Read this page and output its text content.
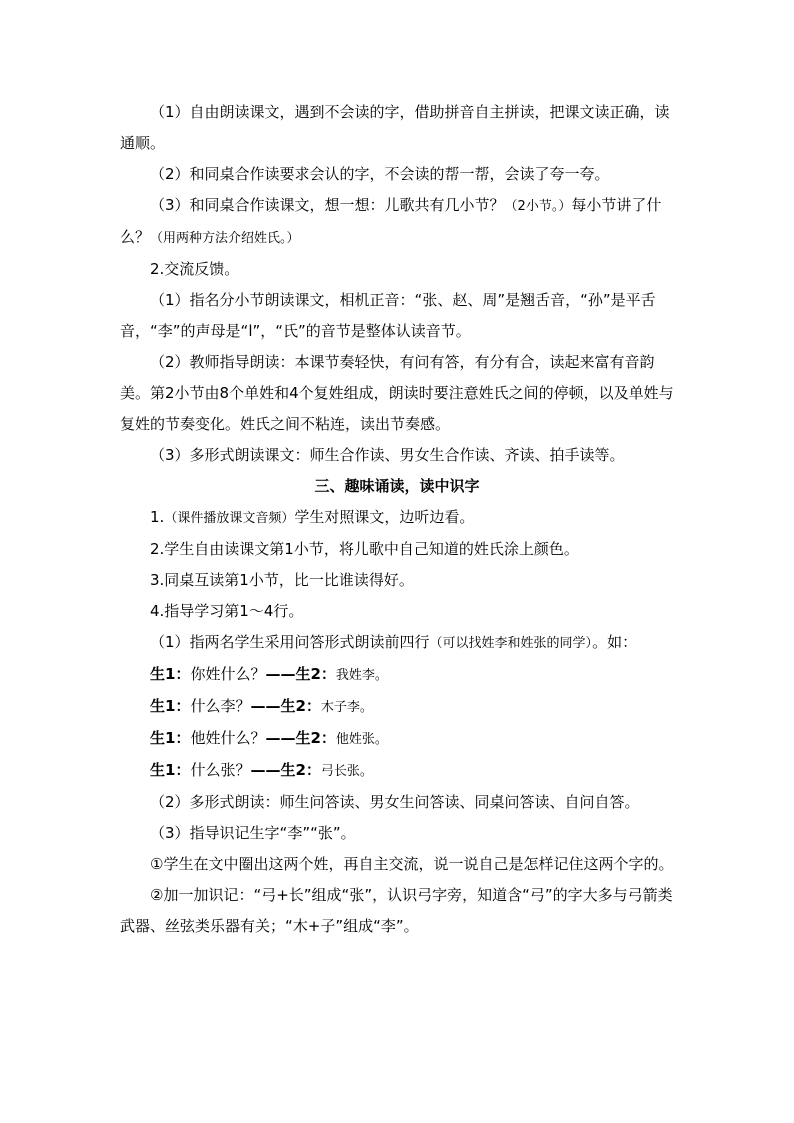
（1）自由朗读课文，遇到不会读的字，借助拼音自主拼读，把课文读正确，读通顺。

（2）和同桌合作读要求会认的字，不会读的帮一帮，会读了夸一夸。

（3）和同桌合作读课文，想一想：儿歌共有几小节？（2小节。）每小节讲了什么？（用两种方法介绍姓氏。）

2.交流反馈。

（1）指名分小节朗读课文，相机正音：“张、赵、周”是翘舌音，“孙”是平舌音，“李”的声母是“l”，“氏”的音节是整体认读音节。

（2）教师指导朗读：本课节奏轻快，有问有答，有分有合，读起来富有音韵美。第2小节由8个单姓和4个复姓组成，朗读时要注意姓氏之间的停顿，以及单姓与复姓的节奏变化。姓氏之间不粘连，读出节奏感。

（3）多形式朗读课文：师生合作读、男女生合作读、齐读、拍手读等。

三、趣味诵读，读中识字

1.（课件播放课文音频）学生对照课文，边听边看。

2.学生自由读课文第1小节，将儿歌中自己知道的姓氏涂上颜色。

3.同桌互读第1小节，比一比谁读得好。

4.指导学习第1～4行。

（1）指两名学生采用问答形式朗读前四行（可以找姓李和姓张的同学）。如：

生1：你姓什么？——生2：我姓李。

生1：什么李？——生2：木子李。

生1：他姓什么？——生2：他姓张。

生1：什么张？——生2：弓长张。

（2）多形式朗读：师生问答读、男女生问答读、同桌问答读、自问自答。

（3）指导识记生字“李”“张”。

①学生在文中圈出这两个姓，再自主交流，说一说自己是怎样记住这两个字的。

②加一加识记：“弓+长”组成“张”，认识弓字旁，知道含“弓”的字大多与弓箭类武器、丝弦类乐器有关；“木+子”组成“李”。
